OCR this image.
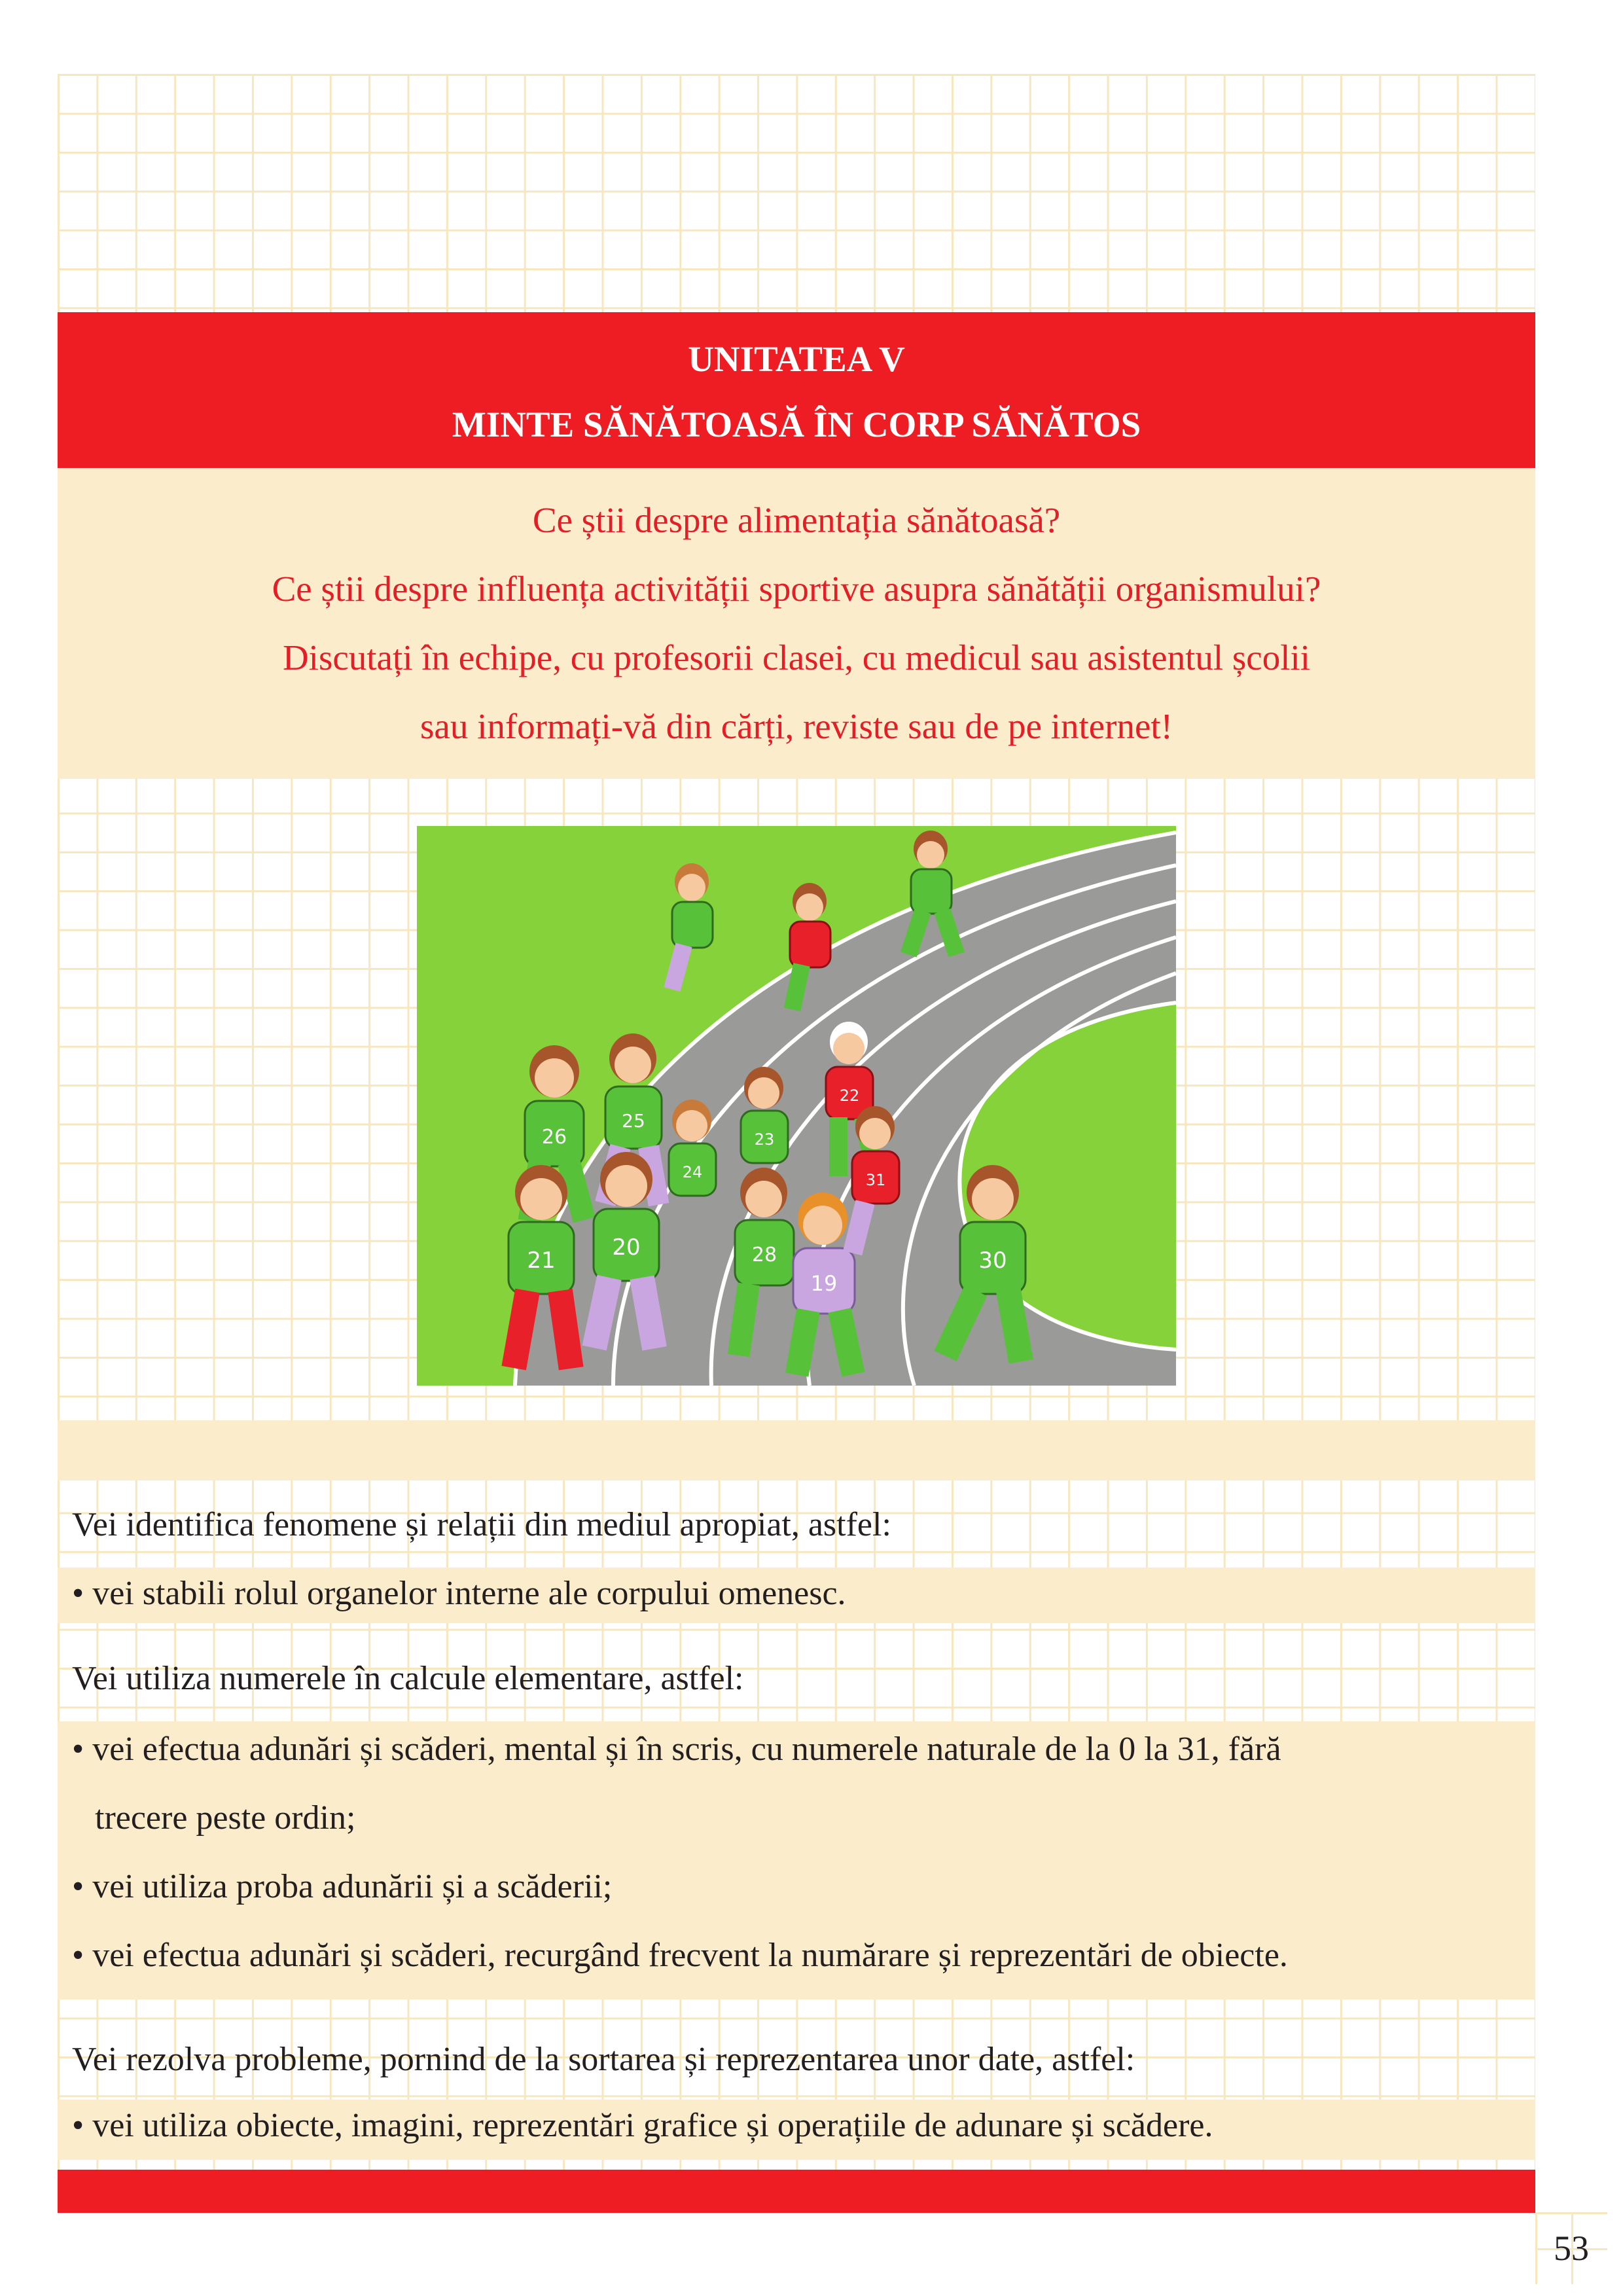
UNITATEA V
MINTE SĂNĂTOASĂ ÎN CORP SĂNĂTOS
Ce știi despre alimentația sănătoasă?
Ce știi despre influența activității sportive asupra sănătății organismului?
Discutați în echipe, cu profesorii clasei, cu medicul sau asistentul școlii
sau informați-vă din cărți, reviste sau de pe internet!
26
25
24
23
22
21	20	28
19
31
30
Vei identifica fenomene și relații din mediul apropiat, astfel:
• vei stabili rolul organelor interne ale corpului omenesc.
Vei utiliza numerele în calcule elementare, astfel:
• vei efectua adunări și scăderi, mental și în scris, cu numerele naturale de la 0 la 31, fără
trecere peste ordin;
• vei utiliza proba adunării și a scăderii;
• vei efectua adunări și scăderi, recurgând frecvent la numărare și reprezentări de obiecte.
Vei rezolva probleme, pornind de la sortarea și reprezentarea unor date, astfel:
• vei utiliza obiecte, imagini, reprezentări grafice și operațiile de adunare și scădere.
53
